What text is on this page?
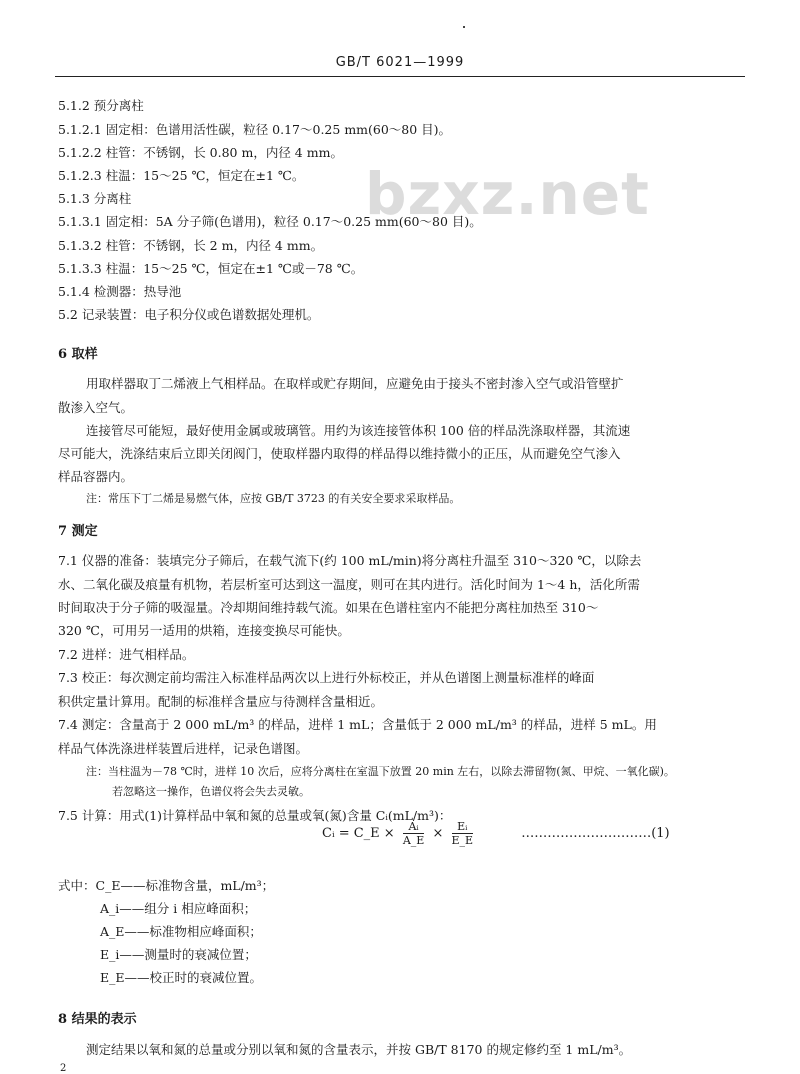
GB/T 6021—1999
bzxz.net
5.1.2 预分离柱
5.1.2.1 固定相：色谱用活性碳，粒径 0.17～0.25 mm(60～80 目)。
5.1.2.2 柱管：不锈钢，长 0.80 m，内径 4 mm。
5.1.2.3 柱温：15～25 ℃，恒定在±1 ℃。
5.1.3 分离柱
5.1.3.1 固定相：5A 分子筛(色谱用)，粒径 0.17～0.25 mm(60～80 目)。
5.1.3.2 柱管：不锈钢，长 2 m，内径 4 mm。
5.1.3.3 柱温：15～25 ℃，恒定在±1 ℃或－78 ℃。
5.1.4 检测器：热导池
5.2 记录装置：电子积分仪或色谱数据处理机。
6 取样
用取样器取丁二烯液上气相样品。在取样或贮存期间，应避免由于接头不密封渗入空气或沿管壁扩
散渗入空气。
连接管尽可能短，最好使用金属或玻璃管。用约为该连接管体积 100 倍的样品洗涤取样器，其流速
尽可能大，洗涤结束后立即关闭阀门，使取样器内取得的样品得以维持微小的正压，从而避免空气渗入
样品容器内。
注：常压下丁二烯是易燃气体，应按 GB/T 3723 的有关安全要求采取样品。
7 测定
7.1 仪器的准备：装填完分子筛后，在载气流下(约 100 mL/min)将分离柱升温至 310～320 ℃，以除去
水、二氧化碳及痕量有机物，若层析室可达到这一温度，则可在其内进行。活化时间为 1～4 h，活化所需
时间取决于分子筛的吸湿量。冷却期间维持载气流。如果在色谱柱室内不能把分离柱加热至 310～
320 ℃，可用另一适用的烘箱，连接变换尽可能快。
7.2 进样：进气相样品。
7.3 校正：每次测定前均需注入标准样品两次以上进行外标校正，并从色谱图上测量标准样的峰面
积供定量计算用。配制的标准样含量应与待测样含量相近。
7.4 测定：含量高于 2 000 mL/m³ 的样品，进样 1 mL；含量低于 2 000 mL/m³ 的样品，进样 5 mL。用
样品气体洗涤进样装置后进样，记录色谱图。
注：当柱温为－78 ℃时，进样 10 次后，应将分离柱在室温下放置 20 min 左右，以除去滞留物(氮、甲烷、一氧化碳)。
若忽略这一操作，色谱仪将会失去灵敏。
7.5 计算：用式(1)计算样品中氧和氮的总量或氧(氮)含量 Cᵢ(mL/m³)：
Cᵢ = C_E × $\frac{\text{Aᵢ}}{A\_E} \times \frac{\text{Eᵢ}}{E\_E}$	…………………………(1)
式中：C_E——标准物含量，mL/m³；
A_i——组分 i 相应峰面积；
A_E——标准物相应峰面积；
E_i——测量时的衰减位置；
E_E——校正时的衰减位置。
8 结果的表示
测定结果以氧和氮的总量或分别以氧和氮的含量表示，并按 GB/T 8170 的规定修约至 1 mL/m³。
2
